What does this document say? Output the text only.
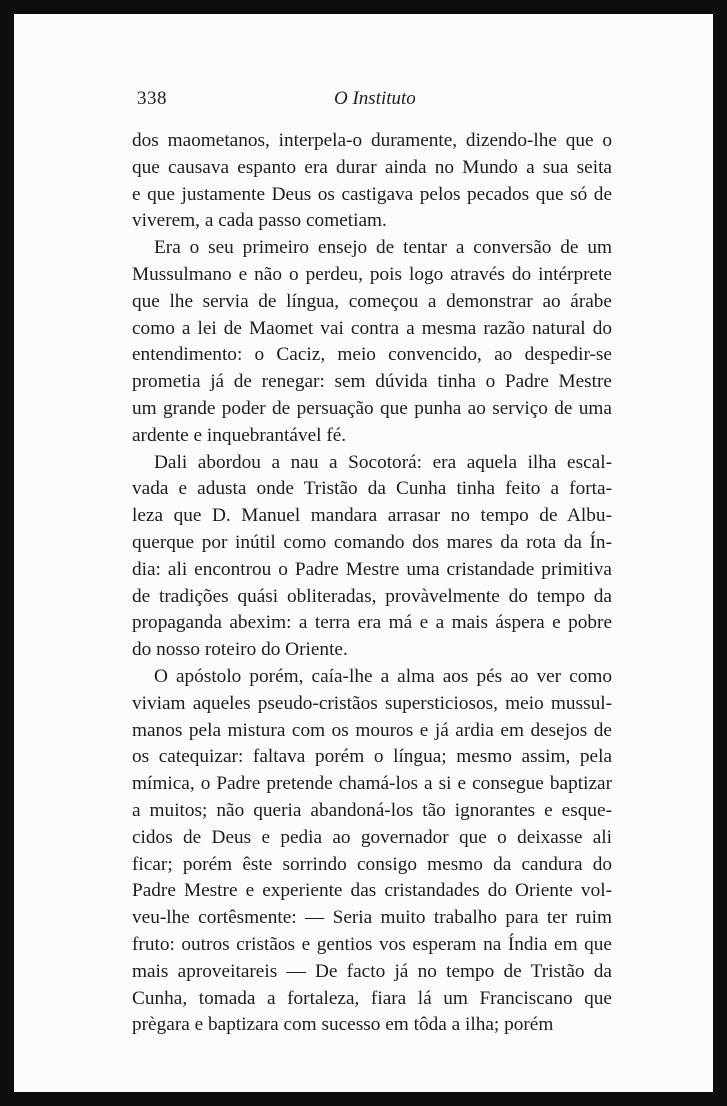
338	O Instituto
dos maometanos, interpela-o duramente, dizendo-lhe que o
que causava espanto era durar ainda no Mundo a sua seita
e que justamente Deus os castigava pelos pecados que só de
viverem, a cada passo cometiam.
Era o seu primeiro ensejo de tentar a conversão de um
Mussulmano e não o perdeu, pois logo através do intérprete
que lhe servia de língua, começou a demonstrar ao árabe
como a lei de Maomet vai contra a mesma razão natural do
entendimento: o Caciz, meio convencido, ao despedir-se
prometia já de renegar: sem dúvida tinha o Padre Mestre
um grande poder de persuação que punha ao serviço de uma
ardente e inquebrantável fé.
Dali abordou a nau a Socotorá: era aquela ilha escal-
vada e adusta onde Tristão da Cunha tinha feito a forta-
leza que D. Manuel mandara arrasar no tempo de Albu-
querque por inútil como comando dos mares da rota da Ín-
dia: ali encontrou o Padre Mestre uma cristandade primitiva
de tradições quási obliteradas, provàvelmente do tempo da
propaganda abexim: a terra era má e a mais áspera e pobre
do nosso roteiro do Oriente.
O apóstolo porém, caía-lhe a alma aos pés ao ver como
viviam aqueles pseudo-cristãos supersticiosos, meio mussul-
manos pela mistura com os mouros e já ardia em desejos de
os catequizar: faltava porém o língua; mesmo assim, pela
mímica, o Padre pretende chamá-los a si e consegue baptizar
a muitos; não queria abandoná-los tão ignorantes e esque-
cidos de Deus e pedia ao governador que o deixasse ali
ficar; porém êste sorrindo consigo mesmo da candura do
Padre Mestre e experiente das cristandades do Oriente vol-
veu-lhe cortêsmente: — Seria muito trabalho para ter ruim
fruto: outros cristãos e gentios vos esperam na Índia em que
mais aproveitareis — De facto já no tempo de Tristão da
Cunha, tomada a fortaleza, fiara lá um Franciscano que
prègara e baptizara com sucesso em tôda a ilha; porém
